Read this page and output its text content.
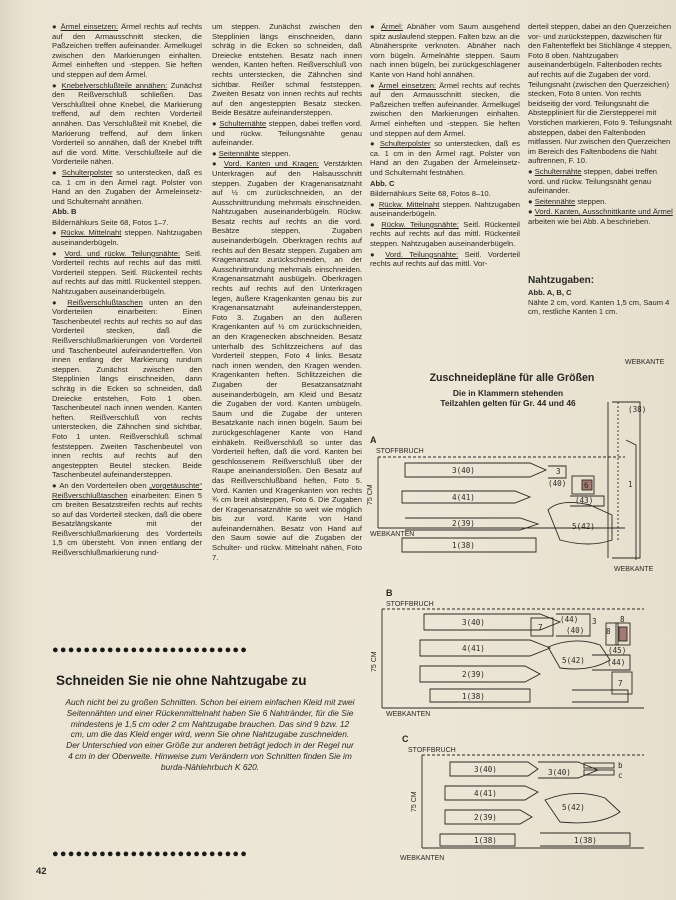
● Ärmel einsetzen: Ärmel rechts auf rechts auf den Armausschnitt stecken, die Paßzeichen treffen aufeinander. Ärmelkugel zwischen den Markierungen einhalten. Ärmel einheften und -steppen. Sie heften und steppen auf dem Ärmel.

● Knebelverschlußteile annähen: Zunächst den Reißverschluß schließen. Das Verschlußteil ohne Knebel, die Markierung treffend, auf dem rechten Vorderteil annähen. Das Verschlußteil mit Knebel, die Markierung treffend, auf dem linken Vorderteil so annähen, daß der Knebel trifft auf die vord. Mitte. Verschlußteile auf die Vorderteile nähen.

● Schulterpolster so unterstecken, daß es ca. 1 cm in den Ärmel ragt. Polster von Hand an den Zugaben der Ärmeleinsetz- und Schulternaht annähen.

Abb. B

Bildernähkurs Seite 68, Fotos 1–7.

● Rückw. Mittelnaht steppen. Nahtzugaben auseinanderbügeln.

● Vord. und rückw. Teilungsnähte: Seitl. Vorderteil rechts auf rechts auf das mittl. Vorderteil steppen. Seitl. Rückenteil rechts auf rechts auf das mittl. Rückenteil steppen. Nahtzugaben auseinanderbügeln.

● Reißverschlußtaschen unten an den Vorderteilen einarbeiten: Einen Taschenbeutel rechts auf rechts so auf das Vorderteil stecken, daß die Reißverschlußmarkierungen von Vorderteil und Taschenbeutel aufeinandertreffen. Von innen entlang der Markierung rundum steppen. Zunächst zwischen den Stepplinien längs einschneiden, dann schräg in die Ecken so schneiden, daß Dreiecke entstehen, Foto 1 oben. Taschenbeutel nach innen wenden. Kanten heften. Reißverschluß von rechts unterstecken, die Zähnchen sind sichtbar, Foto 1 unten. Reißverschluß schmal feststeppen. Zweiten Taschenbeutel von innen rechts auf rechts auf den angesteppten Beutel stecken. Beide Taschenbeutel aufeinandersteppen.

● An den Vorderteilen oben „vorgetäuschte“ Reißverschlußtaschen einarbeiten: Einen 5 cm breiten Besatzstreifen rechts auf rechts so auf das Vorderteil stecken, daß die obere Besatzlängskante mit der Reißverschlußmarkierung des Vorderteils 1,5 cm übersteht. Von innen entlang der Reißverschlußmarkierung rund-

um steppen. Zunächst zwischen den Stepplinien längs einschneiden, dann schräg in die Ecken so schneiden, daß Dreiecke entstehen. Besatz nach innen wenden, Kanten heften. Reißverschluß von rechts unterstecken, die Zähnchen sind sichtbar. Reißer schmal feststeppen. Zweiten Besatz von innen rechts auf rechts auf den angesteppten Besatz stecken. Beide Besätze aufeinandersteppen.

● Schulternähte steppen, dabei treffen vord. und rückw. Teilungsnähte genau aufeinander.

● Seitennähte steppen.

● Vord. Kanten und Kragen: Verstärkten Unterkragen auf den Halsausschnitt steppen. Zugaben der Kragenansatznaht auf ½ cm zurückschneiden, an der Ausschnittrundung mehrmals einschneiden. Nahtzugaben auseinanderbügeln. Rückw. Besatz rechts auf rechts an die vord. Besätze steppen, Zugaben auseinanderbügeln. Oberkragen rechts auf rechts auf den Besatz steppen. Zugaben am Kragenansatz zurückschneiden, an der Ausschnittrundung mehrmals einschneiden. Kragenansatznaht ausbügeln. Oberkragen rechts auf rechts auf den Unterkragen legen, äußere Kragenkanten genau bis zur Kragenansatznaht aufeinandersteppen, Foto 3. Zugaben an den äußeren Kragenkanten auf ½ cm zurückschneiden, an den Kragenecken abschneiden. Besatz unterhalb des Schlitzzeichens auf das Vorderteil steppen, Foto 4 links. Besatz nach innen wenden, den Kragen wenden. Kragenkanten heften. Schlitzzeichen die Zugaben der Besatzansatznaht auseinanderbügeln, am Kleid und Besatz die Zugaben der vord. Kanten umbügeln. Saum und die Zugabe der unteren Besatzkante nach innen bügeln. Saum bei zurückgeschlagener Kante von Hand einhäkeln. Reißverschluß so unter das Vorderteil heften, daß die vord. Kanten bei geschlossenem Reißverschluß über der Raupe aneinanderstoßen. Den Besatz auf das Reißverschlußband heften, Foto 5. Vord. Kanten und Kragenkanten von rechts ¾ cm breit absteppen, Foto 6. Die Zugaben der Kragenansatznähte so weit wie möglich bis zur vord. Kante von Hand aufeinandernähen. Besatz von Hand auf den Saum sowie auf die Zugaben der Schulter- und rückw. Mittelnaht nähen, Foto 7.

● Ärmel: Abnäher vom Saum ausgehend spitz auslaufend steppen. Falten bzw. an die Abnähersprite verknoten. Abnäher nach vorn bügeln. Ärmelnähte steppen. Saum nach innen bügeln, bei zurückgeschlagener Kante von Hand hohl annähen.

● Ärmel einsetzen: Ärmel rechts auf rechts auf den Armausschnitt stecken, die Paßzeichen treffen aufeinander. Ärmelkugel zwischen den Markierungen einhalten. Ärmel einheften und -steppen. Sie heften und steppen auf dem Ärmel.

● Schulterpolster so unterstecken, daß es ca. 1 cm in den Ärmel ragt. Polster von Hand an den Zugaben der Ärmeleinsetz- und Schulternaht festnähen.

Abb. C

Bildernähkurs Seite 68, Fotos 8–10.

● Rückw. Mittelnaht steppen. Nahtzugaben auseinanderbügeln.

● Rückw. Teilungsnähte: Seitl. Rückenteil rechts auf rechts auf das mittl. Rückenteil steppen. Nahtzugaben auseinanderbügeln.

● Vord. Teilungsnähte: Seitl. Vorderteil rechts auf rechts auf das mittl. Vor-

derteil steppen, dabei an den Querzeichen vor- und zurücksteppen, dazwischen für den Faltenteffekt bei Stichlänge 4 steppen, Foto 8 oben. Nahtzugaben auseinanderbügeln. Faltenboden rechts auf rechts auf die Zugaben der vord. Teilungsnaht (zwischen den Querzeichen) stecken, Foto 8 unten. Von rechts beidseitig der vord. Teilungsnaht die Absteppliniert für die Ziersteppereí mit Vorstichen markieren, Foto 9. Teilungsnaht absteppen, dabei den Faltenboden mitfassen. Nur zwischen den Querzeichen im Bereich des Faltenbodens die Naht auftrennen, F. 10.

● Schulternähte steppen, dabei treffen vord. und rückw. Teilungsnäht genau aufeinander.

● Seitennähte steppen.

● Vord. Kanten, Ausschnittkante und Ärmel arbeiten wie bei Abb. A beschrieben.

Nahtzugaben:
Abb. A, B, C
Nähte 2 cm, vord. Kanten 1,5 cm, Saum 4 cm, restliche Kanten 1 cm.
●●●●●●●●●●●●●●●●●●●●●●●●●
Schneiden Sie nie ohne Nahtzugabe zu
Auch nicht bei zu großen Schnitten. Schon bei einem einfachen Kleid mit zwei Seitennähten und einer Rückenmittelnaht haben Sie 6 Nahtränder, für die Sie mindestens je 1,5 cm oder 2 cm Nahtzugabe brauchen. Das sind 9 bzw. 12 cm, um die das Kleid enger wird, wenn Sie ohne Nahtzugabe zuschneiden. Der Unterschied von einer Größe zur anderen beträgt jedoch in der Regel nur 4 cm in der Oberweite. Hinweise zum Verändern von Schnitten finden Sie im burda-Nählehrbuch K 620.
●●●●●●●●●●●●●●●●●●●●●●●●●
42
Zuschneidepläne für alle Größen
Die in Klammern stehenden Teilzahlen gelten für Gr. 44 und 46
WEBKANTE
WEBKANTE
A
STOFFBRUCH
WEBKANTEN
3(40)
4(41)
2(39)
1(38)
5(42)
3
(40) 6
(43)
(38)
1
75 CM
B
STOFFBRUCH
WEBKANTEN
3(40)
4(41)
2(39)
1(38)
5(42)
7
(44)
(40)
3	8
(45)
(44)
7
8
75 CM
C
STOFFBRUCH
WEBKANTEN
3(40)
4(41)
2(39)
1(38)
5(42)
3(40)
b
c
1(38)
75 CM
